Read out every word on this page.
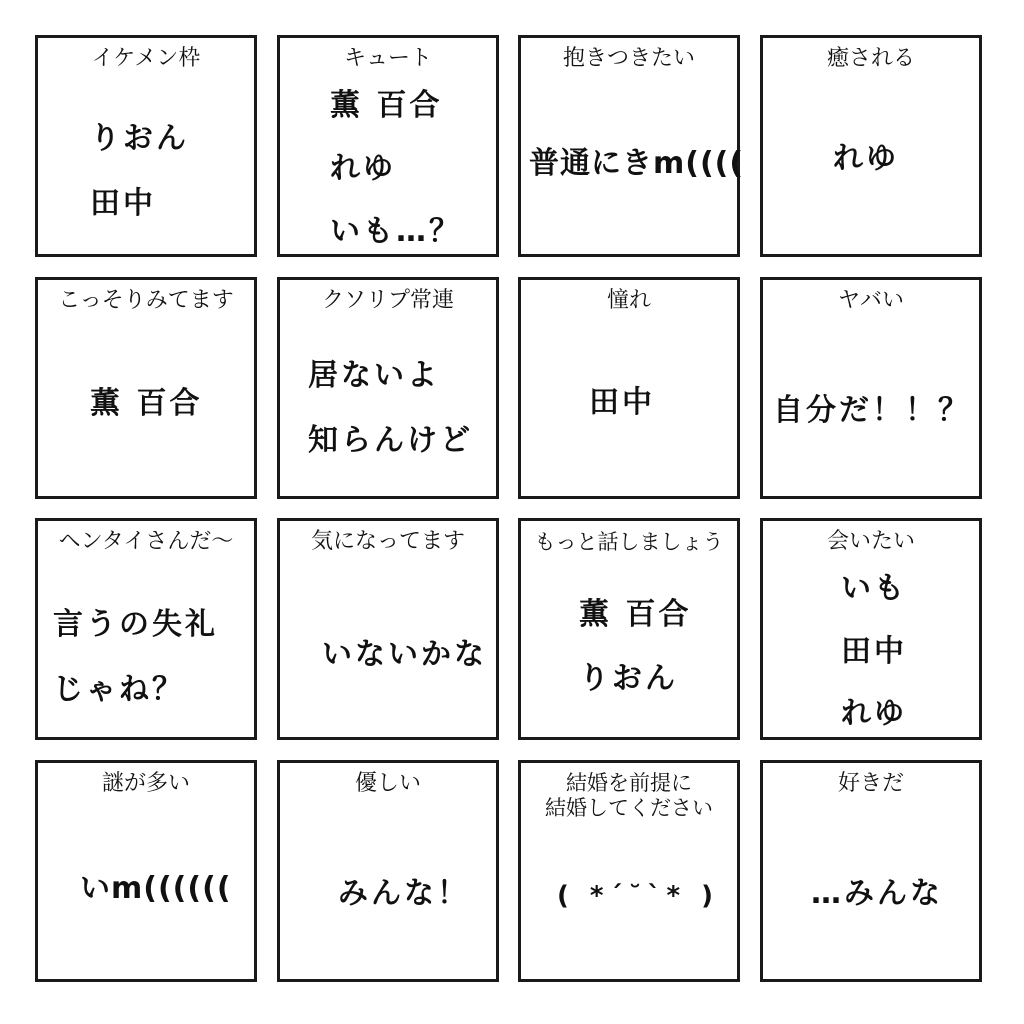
イケメン枠
りおん
田中
キュート
薫 百合
れゆ
いも…？
抱きつきたい
普通にきm((((
癒される
れゆ
こっそりみてます
薫 百合
クソリプ常連
居ないよ
知らんけど
憧れ
田中
ヤバい
自分だ！！？
ヘンタイさんだ～
言うの失礼
じゃね？
気になってます
いないかな
もっと話しましょう
薫 百合
りおん
会いたい
いも
田中
れゆ
謎が多い
いm((((((
優しい
みんな！
結婚を前提に
結婚してください
( *´˘`* )
好きだ
…みんな
